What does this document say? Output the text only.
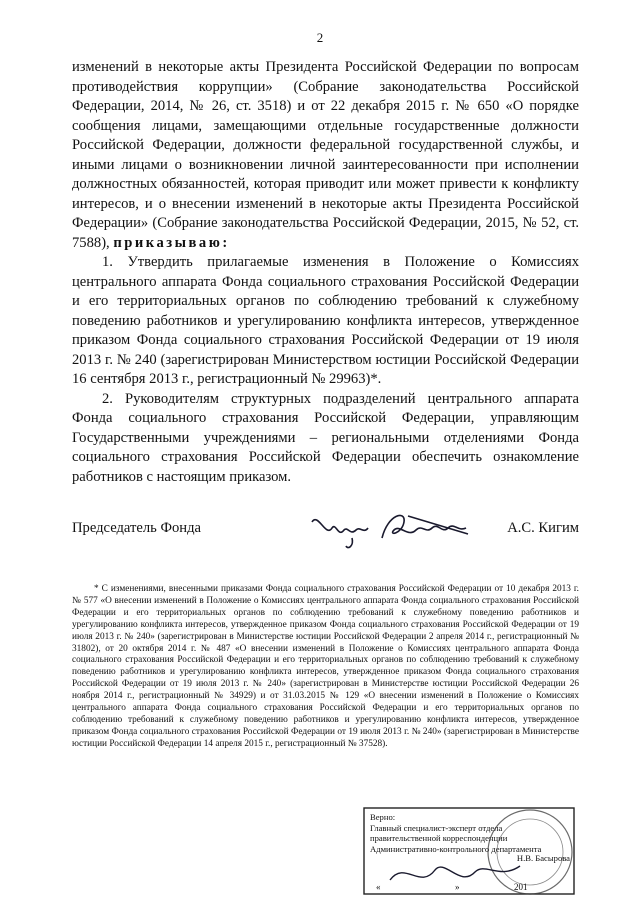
2

изменений в некоторые акты Президента Российской Федерации по вопросам противодействия коррупции» (Собрание законодательства Российской Федерации, 2014, № 26, ст. 3518) и от 22 декабря 2015 г. № 650 «О порядке сообщения лицами, замещающими отдельные государственные должности Российской Федерации, должности федеральной государственной службы, и иными лицами о возникновении личной заинтересованности при исполнении должностных обязанностей, которая приводит или может привести к конфликту интересов, и о внесении изменений в некоторые акты Президента Российской Федерации» (Собрание законодательства Российской Федерации, 2015, № 52, ст. 7588), приказываю:

1. Утвердить прилагаемые изменения в Положение о Комиссиях центрального аппарата Фонда социального страхования Российской Федерации и его территориальных органов по соблюдению требований к служебному поведению работников и урегулированию конфликта интересов, утвержденное приказом Фонда социального страхования Российской Федерации от 19 июля 2013 г. № 240 (зарегистрирован Министерством юстиции Российской Федерации 16 сентября 2013 г., регистрационный № 29963)*.

2. Руководителям структурных подразделений центрального аппарата Фонда социального страхования Российской Федерации, управляющим Государственными учреждениями – региональными отделениями Фонда социального страхования Российской Федерации обеспечить ознакомление работников с настоящим приказом.

Председатель Фонда	А.С. Кигим

* С изменениями, внесенными приказами Фонда социального страхования Российской Федерации от 10 декабря 2013 г. № 577 «О внесении изменений в Положение о Комиссиях центрального аппарата Фонда социального страхования Российской Федерации и его территориальных органов по соблюдению требований к служебному поведению работников и урегулированию конфликта интересов, утвержденное приказом Фонда социального страхования Российской Федерации от 19 июля 2013 г. № 240» (зарегистрирован в Министерстве юстиции Российской Федерации 2 апреля 2014 г., регистрационный № 31802), от 20 октября 2014 г. № 487 «О внесении изменений в Положение о Комиссиях центрального аппарата Фонда социального страхования Российской Федерации и его территориальных органов по соблюдению требований к служебному поведению работников и урегулированию конфликта интересов, утвержденное приказом Фонда социального страхования Российской Федерации от 19 июля 2013 г. № 240» (зарегистрирован в Министерстве юстиции Российской Федерации 26 ноября 2014 г., регистрационный № 34929) и от 31.03.2015 № 129 «О внесении изменений в Положение о Комиссиях центрального аппарата Фонда социального страхования Российской Федерации и его территориальных органов по соблюдению требований к служебному поведению работников и урегулированию конфликта интересов, утвержденное приказом Фонда социального страхования Российской Федерации от 19 июля 2013 г. № 240» (зарегистрирован в Министерстве юстиции Российской Федерации 14 апреля 2015 г., регистрационный № 37528).

Верно:
Главный специалист-эксперт отдела правительственной корреспонденции Административно-контрольного департамента
Н.В. Басырова
«	»	201
